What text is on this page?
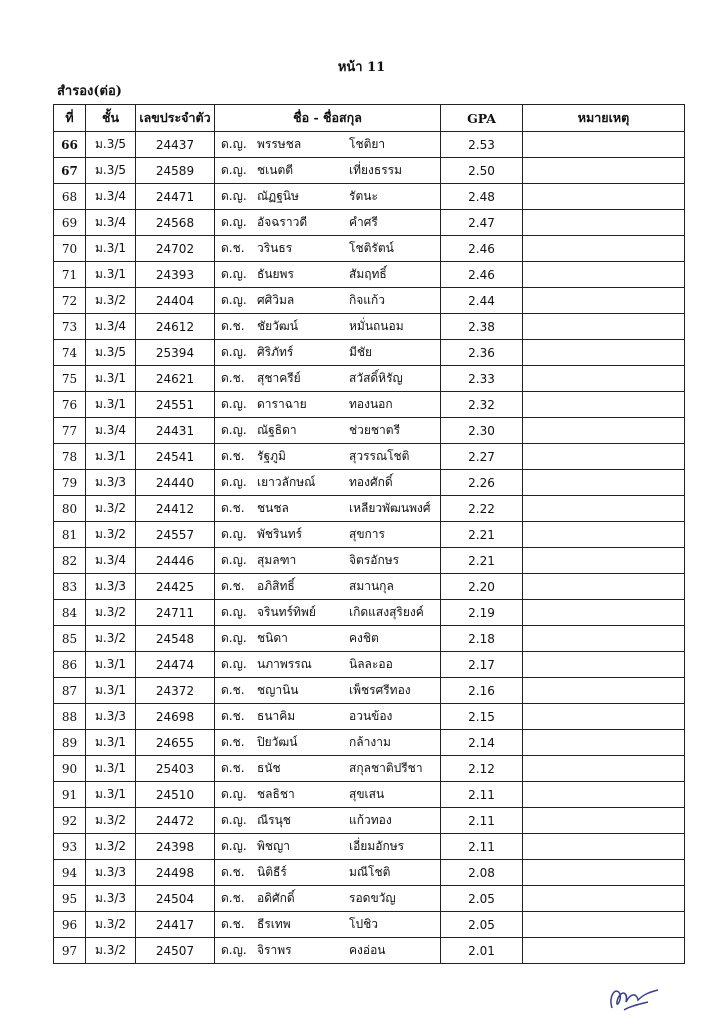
หน้า 11
สำรอง(ต่อ)
ที่	ชั้น	เลขประจำตัว	ชื่อ - ชื่อสกุล	GPA	หมายเหตุ
66	ม.3/5	24437	ด.ญ. พรรษชล โชติยา	2.53	
67	ม.3/5	24589	ด.ญ. ชเนตตี เที่ยงธรรม	2.50	
68	ม.3/4	24471	ด.ญ. ณัฏฐนิษ รัตนะ	2.48	
69	ม.3/4	24568	ด.ญ. อัจฉราวดี คำศรี	2.47	
70	ม.3/1	24702	ด.ช. วรินธร โชติรัตน์	2.46	
71	ม.3/1	24393	ด.ญ. ธันยพร สัมฤทธิ์	2.46	
72	ม.3/2	24404	ด.ญ. ศศิวิมล กิจแก้ว	2.44	
73	ม.3/4	24612	ด.ช. ชัยวัฒน์ หมั่นถนอม	2.38	
74	ม.3/5	25394	ด.ญ. ศิริภัทร์ มีชัย	2.36	
75	ม.3/1	24621	ด.ช. สุชาครีย์ สวัสดิ์หิรัญ	2.33	
76	ม.3/1	24551	ด.ญ. ดาราฉาย ทองนอก	2.32	
77	ม.3/4	24431	ด.ญ. ณัฐธิดา ช่วยชาตรี	2.30	
78	ม.3/1	24541	ด.ช. รัฐภูมิ สุวรรณโชติ	2.27	
79	ม.3/3	24440	ด.ญ. เยาวลักษณ์ ทองศักดิ์	2.26	
80	ม.3/2	24412	ด.ช. ชนชล เหลียวพัฒนพงศ์	2.22	
81	ม.3/2	24557	ด.ญ. พัชรินทร์ สุขการ	2.21	
82	ม.3/4	24446	ด.ญ. สุมลฑา จิตรอักษร	2.21	
83	ม.3/3	24425	ด.ช. อภิสิทธิ์ สมานกุล	2.20	
84	ม.3/2	24711	ด.ญ. จรินทร์ทิพย์ เกิดแสงสุริยงค์	2.19	
85	ม.3/2	24548	ด.ญ. ชนิดา คงชิต	2.18	
86	ม.3/1	24474	ด.ญ. นภาพรรณ นิลละออ	2.17	
87	ม.3/1	24372	ด.ช. ชญานิน เพ็ชรศรีทอง	2.16	
88	ม.3/3	24698	ด.ช. ธนาคิม อวนข้อง	2.15	
89	ม.3/1	24655	ด.ช. ปิยวัฒน์ กล้างาม	2.14	
90	ม.3/1	25403	ด.ช. ธนัช สกุลชาติปรีชา	2.12	
91	ม.3/1	24510	ด.ญ. ชลธิชา สุขเสน	2.11	
92	ม.3/2	24472	ด.ญ. ณีรนุช แก้วทอง	2.11	
93	ม.3/2	24398	ด.ญ. พิชญา เอี่ยมอักษร	2.11	
94	ม.3/3	24498	ด.ช. นิติธีร์ มณีโชติ	2.08	
95	ม.3/3	24504	ด.ช. อดิศักดิ์ รอดขวัญ	2.05	
96	ม.3/2	24417	ด.ช. ธีรเทพ โปชิว	2.05	
97	ม.3/2	24507	ด.ญ. จิราพร คงอ่อน	2.01	
